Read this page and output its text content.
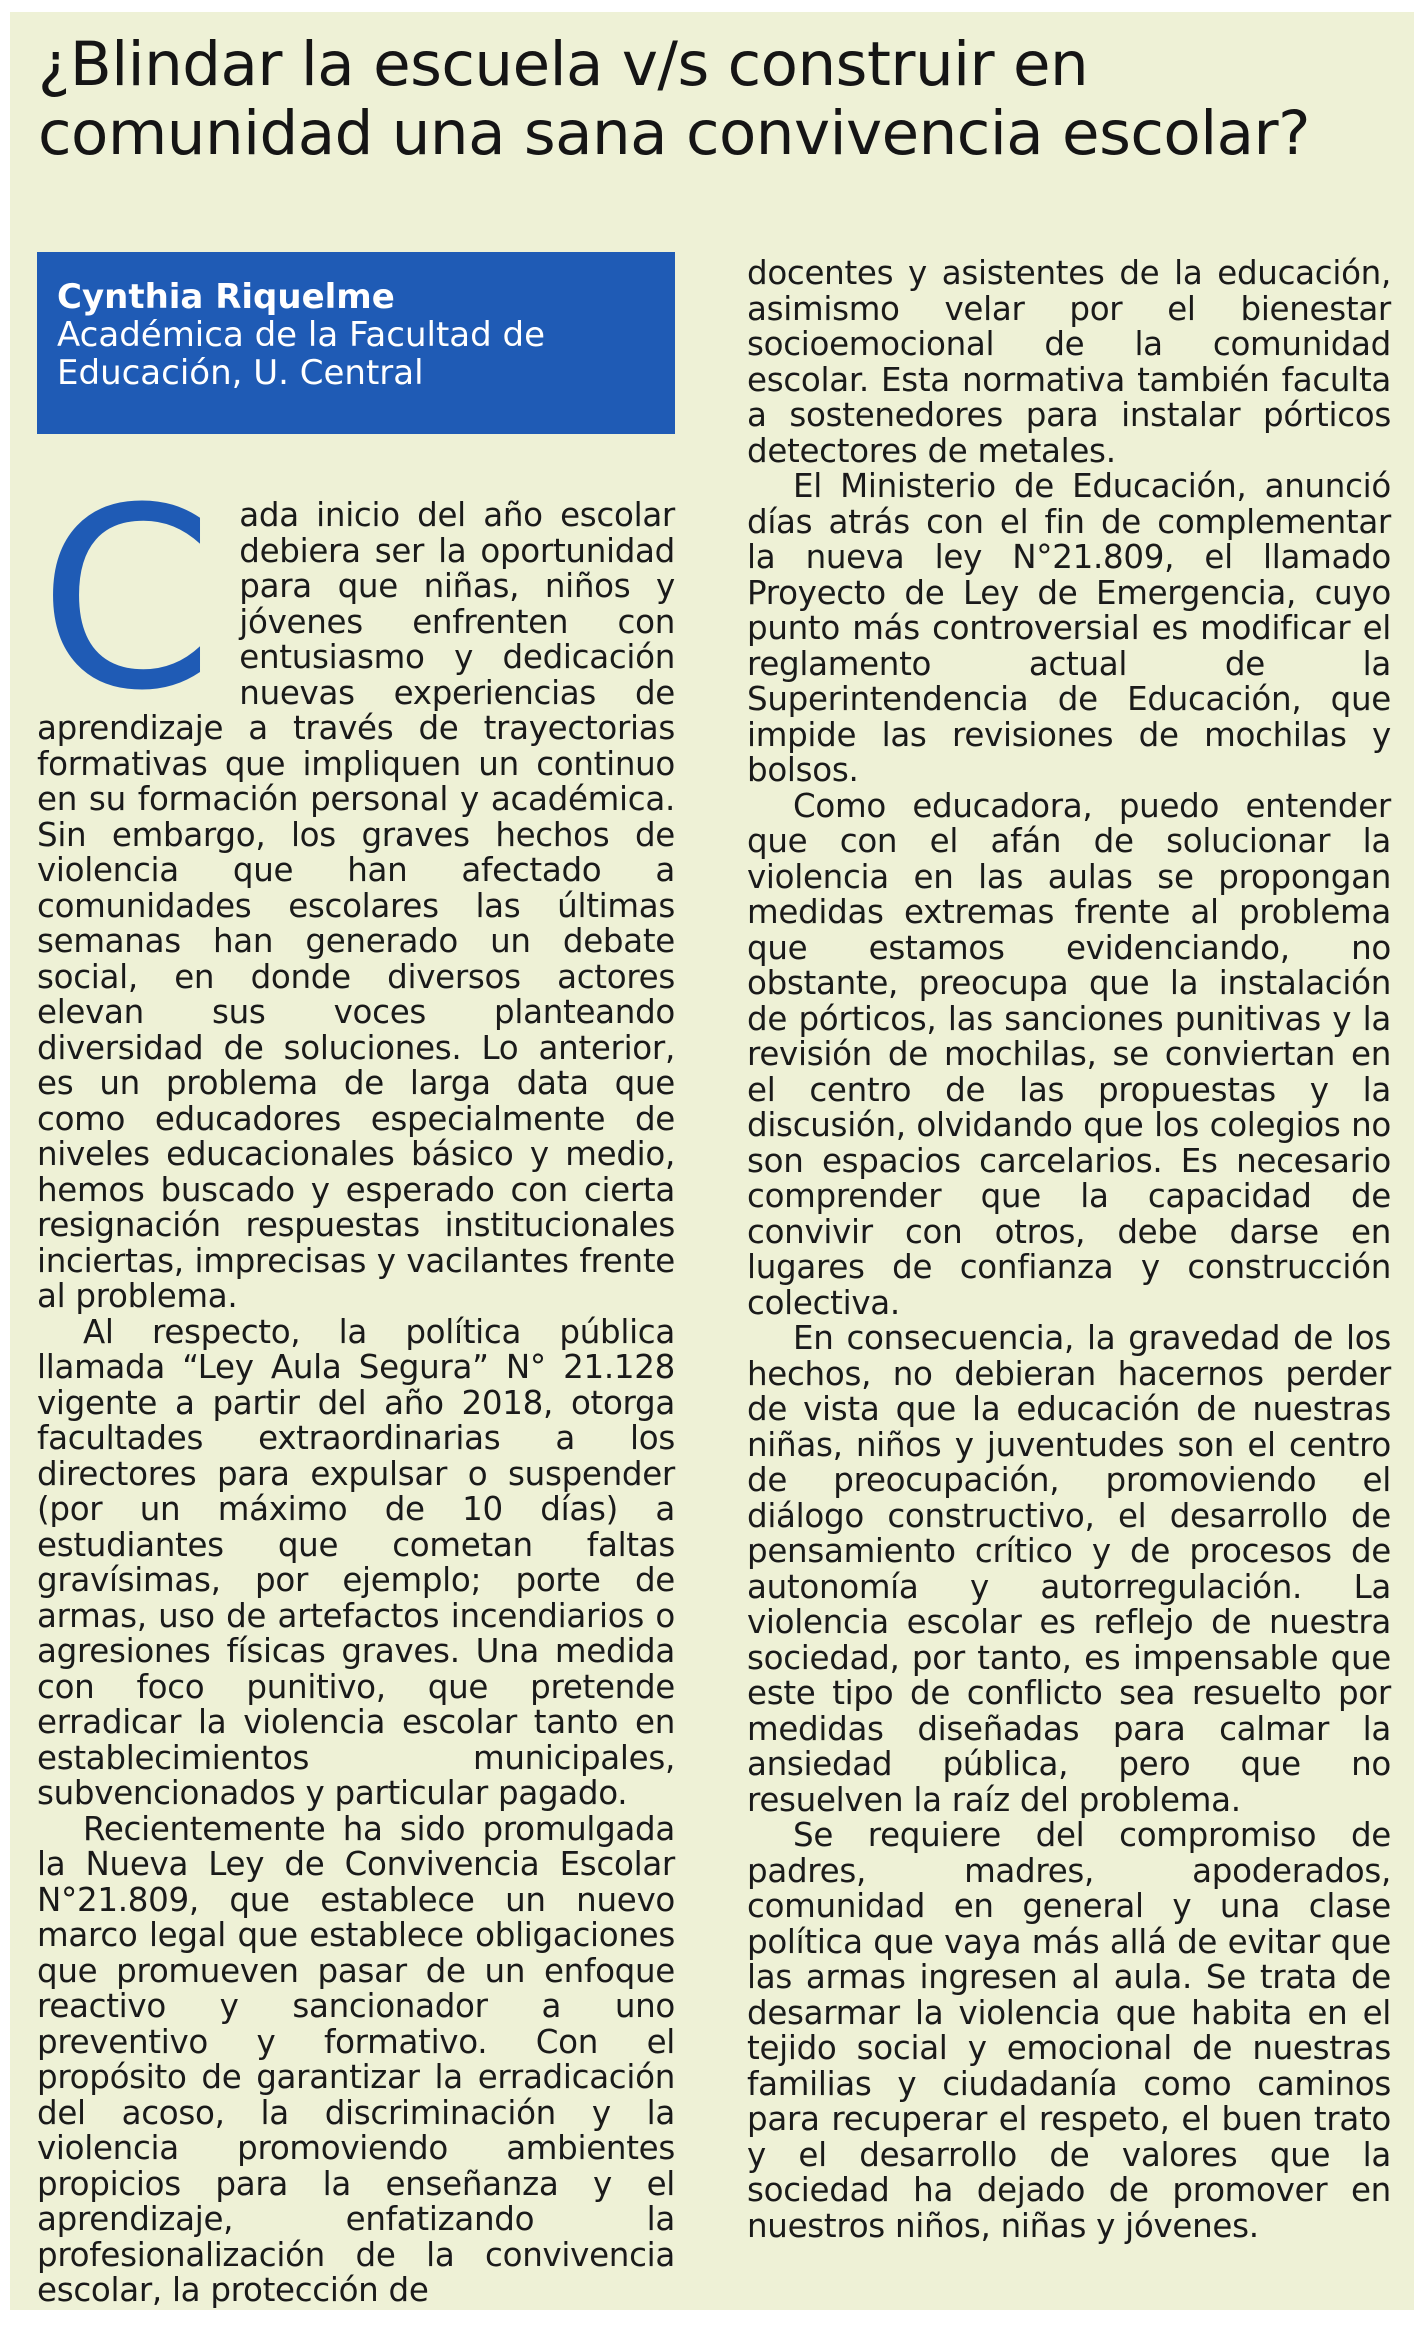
¿Blindar la escuela v/s construir en comunidad una sana convivencia escolar?
Cynthia Riquelme
Académica de la Facultad de Educación, U. Central

Cada inicio del año escolar debiera ser la oportunidad para que niñas, niños y jóvenes enfrenten con entusiasmo y dedicación nuevas experiencias de aprendizaje a través de trayectorias formativas que impliquen un continuo en su formación personal y académica. Sin embargo, los graves hechos de violencia que han afectado a comunidades escolares las últimas semanas han generado un debate social, en donde diversos actores elevan sus voces planteando diversidad de soluciones. Lo anterior, es un problema de larga data que como educadores especialmente de niveles educacionales básico y medio, hemos buscado y esperado con cierta resignación respuestas institucionales inciertas, imprecisas y vacilantes frente al problema.

Al respecto, la política pública llamada “Ley Aula Segura” N° 21.128 vigente a partir del año 2018, otorga facultades extraordinarias a los directores para expulsar o suspender (por un máximo de 10 días) a estudiantes que cometan faltas gravísimas, por ejemplo; porte de armas, uso de artefactos incendiarios o agresiones físicas graves. Una medida con foco punitivo, que pretende erradicar la violencia escolar tanto en establecimientos municipales, subvencionados y particular pagado.

Recientemente ha sido promulgada la Nueva Ley de Convivencia Escolar N°21.809, que establece un nuevo marco legal que establece obligaciones que promueven pasar de un enfoque reactivo y sancionador a uno preventivo y formativo. Con el propósito de garantizar la erradicación del acoso, la discriminación y la violencia promoviendo ambientes propicios para la enseñanza y el aprendizaje, enfatizando la profesionalización de la convivencia escolar, la protección de

docentes y asistentes de la educación, asimismo velar por el bienestar socioemocional de la comunidad escolar. Esta normativa también faculta a sostenedores para instalar pórticos detectores de metales.

El Ministerio de Educación, anunció días atrás con el fin de complementar la nueva ley N°21.809, el llamado Proyecto de Ley de Emergencia, cuyo punto más controversial es modificar el reglamento actual de la Superintendencia de Educación, que impide las revisiones de mochilas y bolsos.

Como educadora, puedo entender que con el afán de solucionar la violencia en las aulas se propongan medidas extremas frente al problema que estamos evidenciando, no obstante, preocupa que la instalación de pórticos, las sanciones punitivas y la revisión de mochilas, se conviertan en el centro de las propuestas y la discusión, olvidando que los colegios no son espacios carcelarios. Es necesario comprender que la capacidad de convivir con otros, debe darse en lugares de confianza y construcción colectiva.

En consecuencia, la gravedad de los hechos, no debieran hacernos perder de vista que la educación de nuestras niñas, niños y juventudes son el centro de preocupación, promoviendo el diálogo constructivo, el desarrollo de pensamiento crítico y de procesos de autonomía y autorregulación. La violencia escolar es reflejo de nuestra sociedad, por tanto, es impensable que este tipo de conflicto sea resuelto por medidas diseñadas para calmar la ansiedad pública, pero que no resuelven la raíz del problema.

Se requiere del compromiso de padres, madres, apoderados, comunidad en general y una clase política que vaya más allá de evitar que las armas ingresen al aula. Se trata de desarmar la violencia que habita en el tejido social y emocional de nuestras familias y ciudadanía como caminos para recuperar el respeto, el buen trato y el desarrollo de valores que la sociedad ha dejado de promover en nuestros niños, niñas y jóvenes.
